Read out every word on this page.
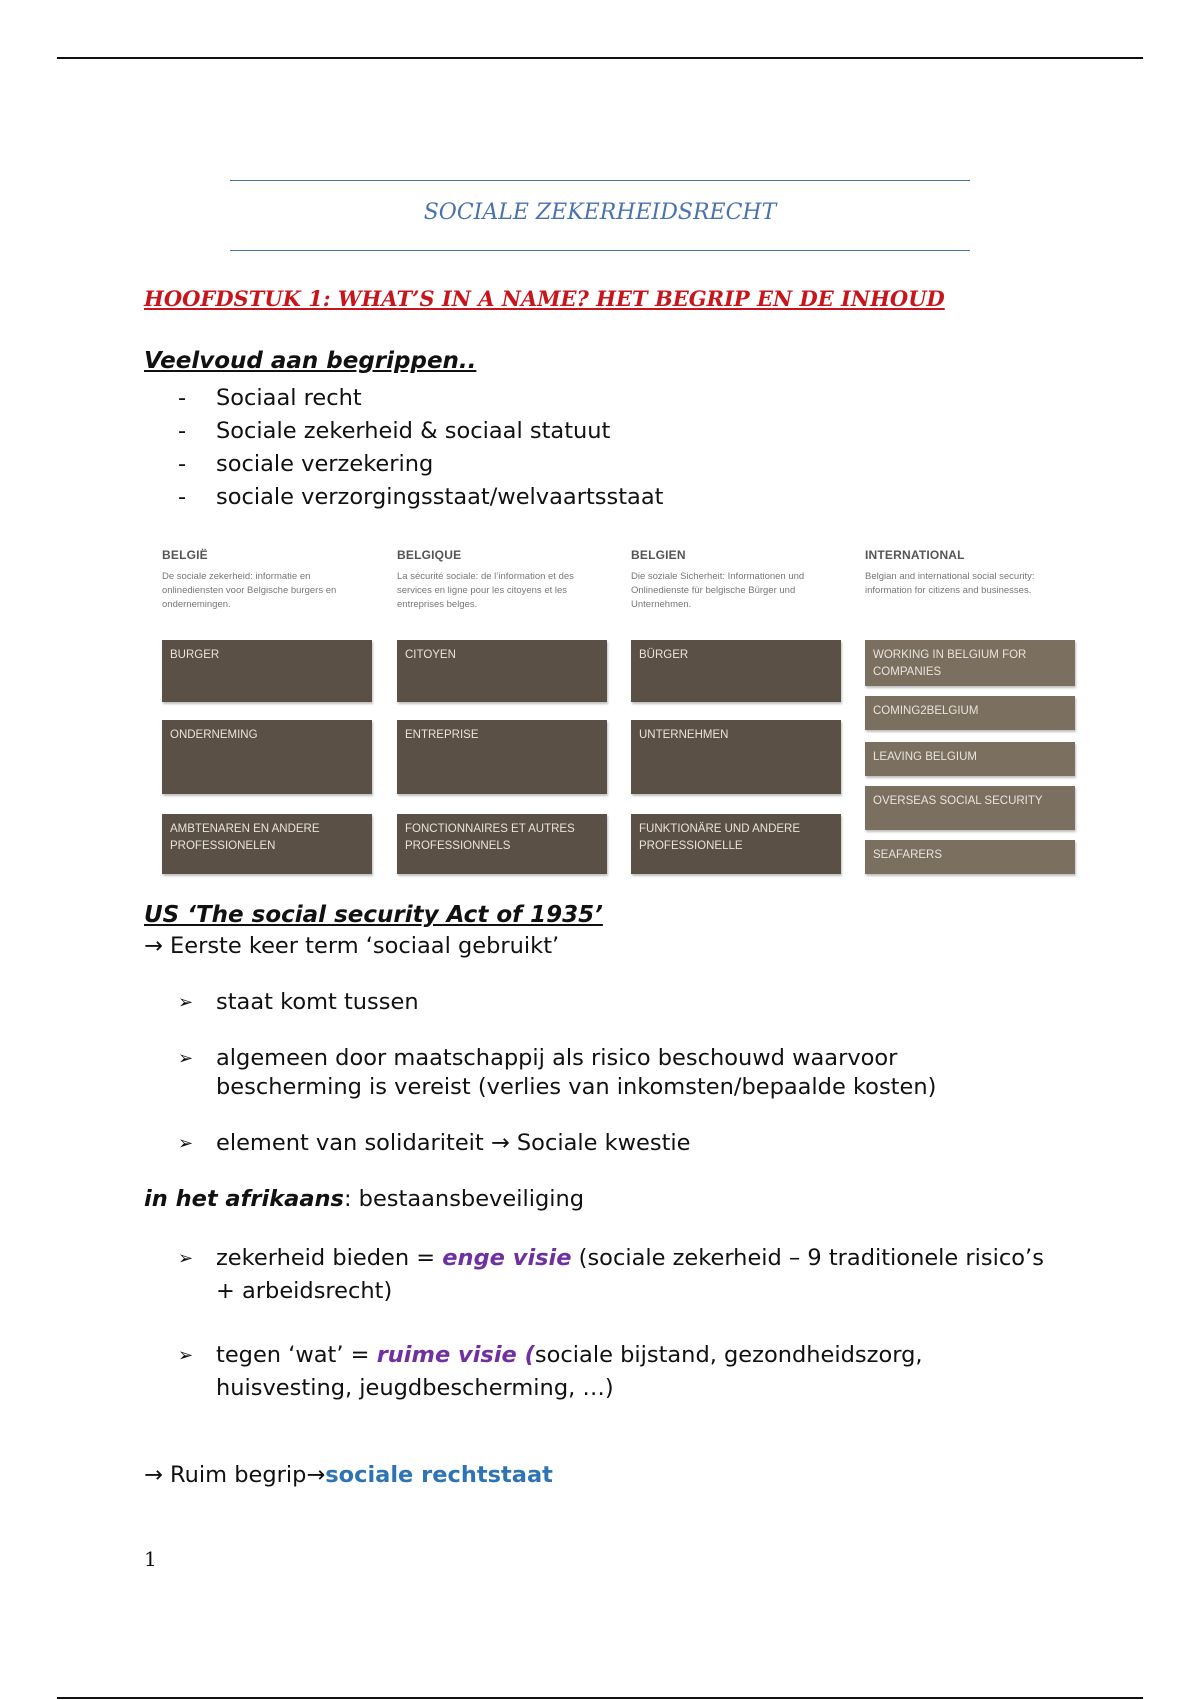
SOCIALE ZEKERHEIDSRECHT
HOOFDSTUK 1: WHAT’S IN A NAME? HET BEGRIP EN DE INHOUD
Veelvoud aan begrippen..
- Sociaal recht
- Sociale zekerheid & sociaal statuut
- sociale verzekering
- sociale verzorgingsstaat/welvaartsstaat
BELGIË
De sociale zekerheid: informatie en onlinediensten voor Belgische burgers en ondernemingen.
BURGER
ONDERNEMING
AMBTENAREN EN ANDERE PROFESSIONELEN
BELGIQUE
La sécurité sociale: de l’information et des services en ligne pour les citoyens et les entreprises belges.
CITOYEN
ENTREPRISE
FONCTIONNAIRES ET AUTRES PROFESSIONNELS
BELGIEN
Die soziale Sicherheit: Informationen und Onlinedienste für belgische Bürger und Unternehmen.
BÜRGER
UNTERNEHMEN
FUNKTIONÄRE UND ANDERE PROFESSIONELLE
INTERNATIONAL
Belgian and international social security: information for citizens and businesses.
WORKING IN BELGIUM FOR COMPANIES
COMING2BELGIUM
LEAVING BELGIUM
OVERSEAS SOCIAL SECURITY
SEAFARERS
US ‘The social security Act of 1935’
→ Eerste keer term ‘sociaal gebruikt’
➢ staat komt tussen
➢ algemeen door maatschappij als risico beschouwd waarvoor bescherming is vereist (verlies van inkomsten/bepaalde kosten)
➢ element van solidariteit → Sociale kwestie
in het afrikaans: bestaansbeveiliging
➢ zekerheid bieden = enge visie (sociale zekerheid – 9 traditionele risico’s + arbeidsrecht)
➢ tegen ‘wat’ = ruime visie (sociale bijstand, gezondheidszorg, huisvesting, jeugdbescherming, …)
→ Ruim begrip→sociale rechtstaat
1
